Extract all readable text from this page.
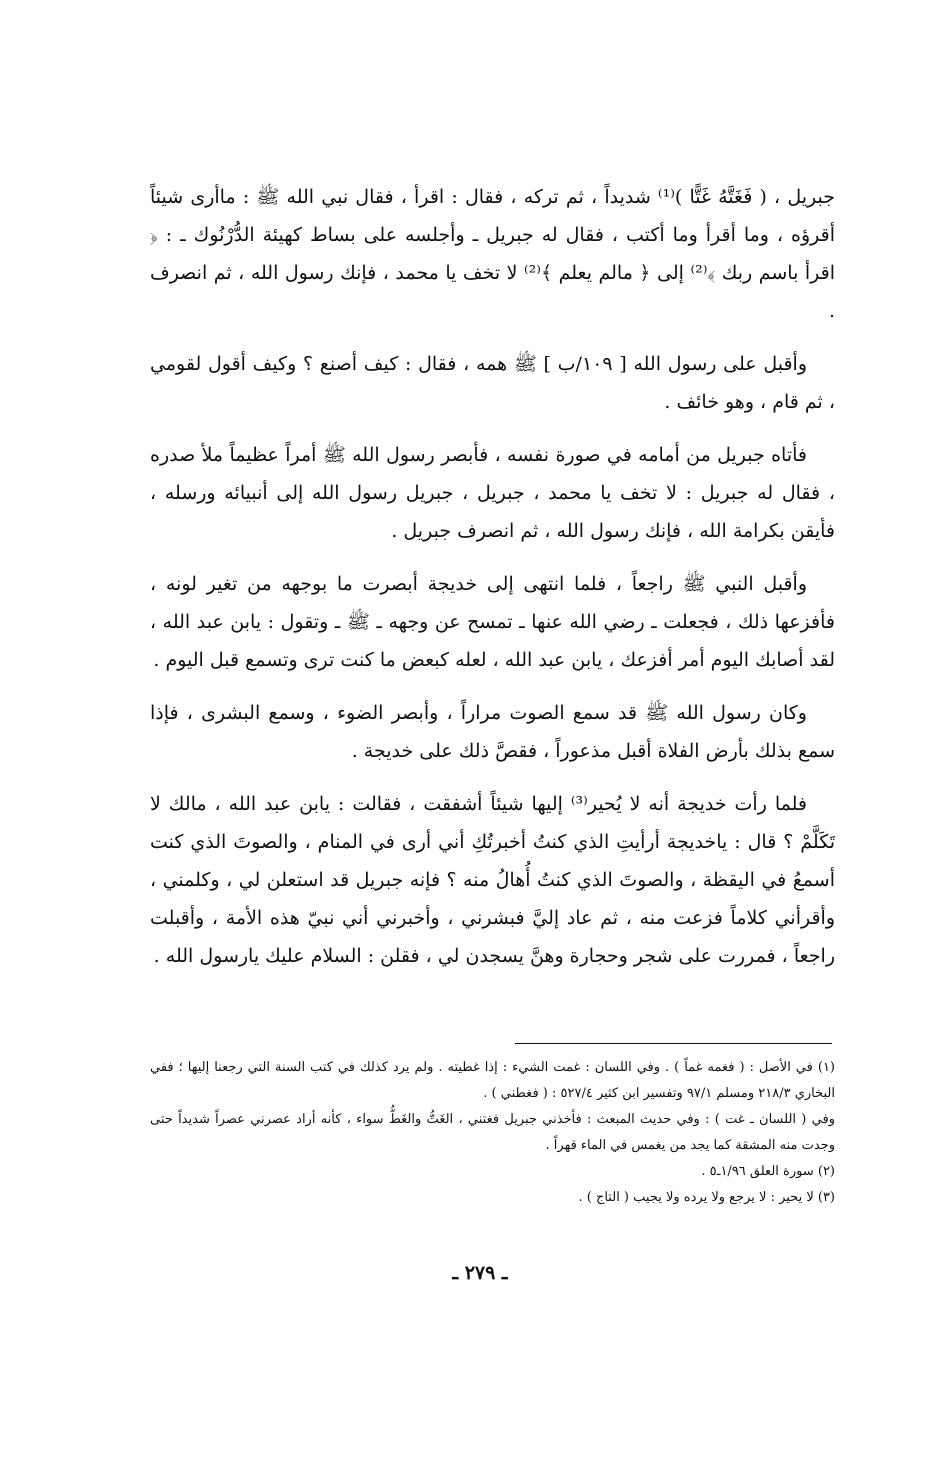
جبريل ، ( فَغَتَّهُ غَتًّا )⁽¹⁾ شديداً ، ثم تركه ، فقال : اقرأ ، فقال نبي الله ﷺ : ماأرى شيئاً أقرؤه ، وما أقرأ وما أكتب ، فقال له جبريل ـ وأجلسه على بساط كهيئة الدُّرْنُوك ـ : ﴿ اقرأ باسم ربك ﴾⁽²⁾ إلى ﴿ مالم يعلم ﴾⁽²⁾ لا تخف يا محمد ، فإنك رسول الله ، ثم انصرف .

وأقبل على رسول الله [ ١٠٩/ب ] ﷺ همه ، فقال : كيف أصنع ؟ وكيف أقول لقومي ، ثم قام ، وهو خائف .

فأتاه جبريل من أمامه في صورة نفسه ، فأبصر رسول الله ﷺ أمراً عظيماً ملأ صدره ، فقال له جبريل : لا تخف يا محمد ، جبريل ، جبريل رسول الله إلى أنبيائه ورسله ، فأيقن بكرامة الله ، فإنك رسول الله ، ثم انصرف جبريل .

وأقبل النبي ﷺ راجعاً ، فلما انتهى إلى خديجة أبصرت ما بوجهه من تغير لونه ، فأفزعها ذلك ، فجعلت ـ رضي الله عنها ـ تمسح عن وجهه ـ ﷺ ـ وتقول : يابن عبد الله ، لقد أصابك اليوم أمر أفزعك ، يابن عبد الله ، لعله كبعض ما كنت ترى وتسمع قبل اليوم .

وكان رسول الله ﷺ قد سمع الصوت مراراً ، وأبصر الضوء ، وسمع البشرى ، فإذا سمع بذلك بأرض الفلاة أقبل مذعوراً ، فقصَّ ذلك على خديجة .

فلما رأت خديجة أنه لا يُحير⁽³⁾ إليها شيئاً أشفقت ، فقالت : يابن عبد الله ، مالك لا تَكَلَّمْ ؟ قال : ياخديجة أرأيتِ الذي كنتُ أخبرتُكِ أني أرى في المنام ، والصوتَ الذي كنت أسمعُ في اليقظة ، والصوتَ الذي كنتُ أُهالُ منه ؟ فإنه جبريل قد استعلن لي ، وكلمني ، وأقرأني كلاماً فزعت منه ، ثم عاد إليَّ فبشرني ، وأخبرني أني نبيّ هذه الأمة ، وأقبلت راجعاً ، فمررت على شجر وحجارة وهنَّ يسجدن لي ، فقلن : السلام عليك يارسول الله .

(١) في الأصل : ( فغمه غماً ) . وفي اللسان : غمت الشيء : إذا غطيته . ولم يرد كذلك في كتب السنة التي رجعنا إليها ؛ ففي البخاري ٢١٨/٣ ومسلم ٩٧/١ وتفسير ابن كثير ٥٢٧/٤ : ( فغطني ) .

وفي ( اللسان ـ غت ) : وفي حديث المبعث : فأخذني جبريل فغتني ، الغَتُّ والغَطُّ سواء ، كأنه أراد عصرني عصراً شديداً حتى وجدت منه المشقة كما يجد من يغمس في الماء قهراً .

(٢) سورة العلق ١/٩٦ـ٥ .

(٣) لا يحير : لا يرجع ولا يرده ولا يجيب ( التاج ) .

ـ ٢٧٩ ـ
